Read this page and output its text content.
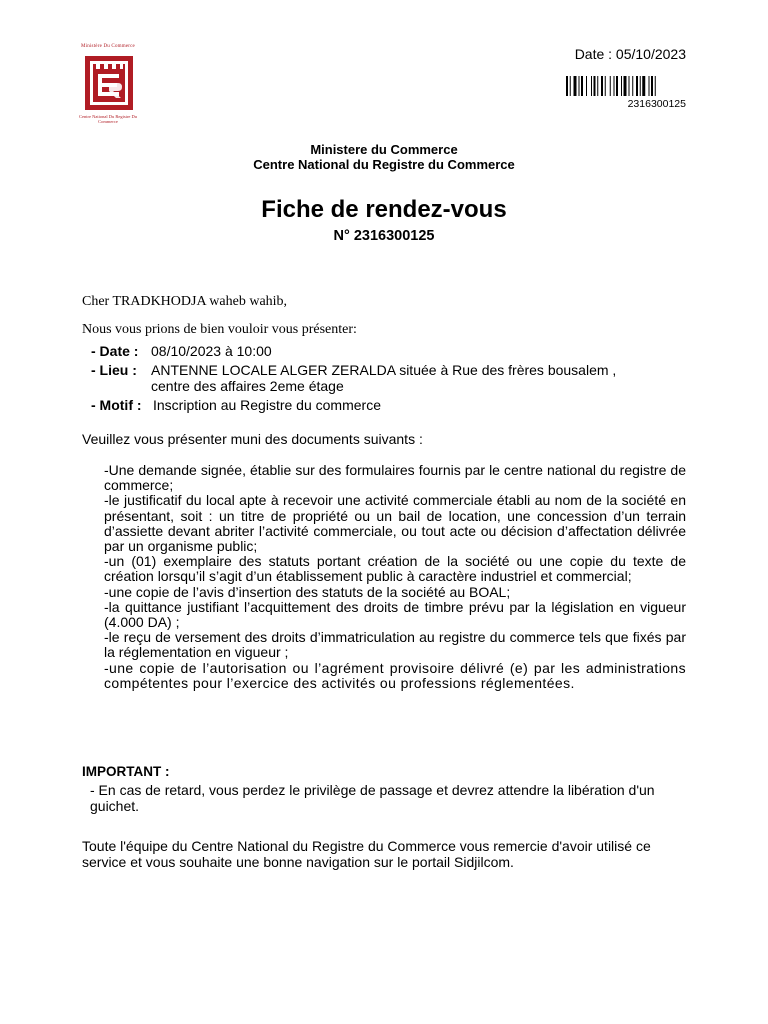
Ministère Du Commerce
Centre National Du Registre Du Commerce
Date : 05/10/2023
2316300125
Ministere du Commerce
Centre National du Registre du Commerce
Fiche de rendez-vous
N° 2316300125
Cher TRADKHODJA waheb wahib,
Nous vous prions de bien vouloir vous présenter:
- Date : 08/10/2023 à 10:00
- Lieu : ANTENNE LOCALE ALGER ZERALDA située à Rue des frères bousalem ,
centre des affaires 2eme étage
- Motif : Inscription au Registre du commerce
Veuillez vous présenter muni des documents suivants :
-Une demande signée, établie sur des formulaires fournis par le centre national du registre de commerce;
-le justificatif du local apte à recevoir une activité commerciale établi au nom de la société en présentant, soit : un titre de propriété ou un bail de location, une concession d’un terrain d’assiette devant abriter l’activité commerciale, ou tout acte ou décision d’affectation délivrée par un organisme public;
-un (01) exemplaire des statuts portant création de la société ou une copie du texte de création lorsqu’il s’agit d’un établissement public à caractère industriel et commercial;
-une copie de l’avis d’insertion des statuts de la société au BOAL;
-la quittance justifiant l’acquittement des droits de timbre prévu par la législation en vigueur (4.000 DA) ;
-le reçu de versement des droits d’immatriculation au registre du commerce tels que fixés par la réglementation en vigueur ;
-une copie de l’autorisation ou l’agrément provisoire délivré (e) par les administrations compétentes pour l’exercice des activités ou professions réglementées.
IMPORTANT :
- En cas de retard, vous perdez le privilège de passage et devrez attendre la libération d'un guichet.
Toute l'équipe du Centre National du Registre du Commerce vous remercie d'avoir utilisé ce service et vous souhaite une bonne navigation sur le portail Sidjilcom.
